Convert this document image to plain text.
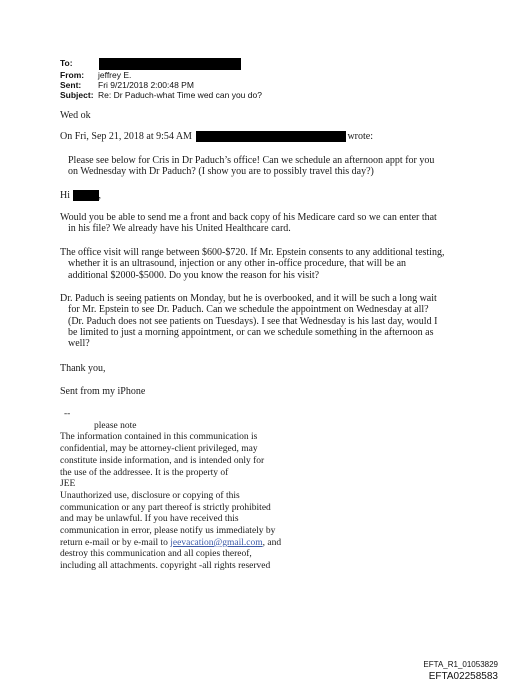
To:
From: jeffrey E.
Sent: Fri 9/21/2018 2:00:48 PM
Subject: Re: Dr Paduch-what Time wed can you do?
Wed ok
On Fri, Sep 21, 2018 at 9:54 AM	wrote:

Please see below for Cris in Dr Paduch’s office! Can we schedule an afternoon appt for you

on Wednesday with Dr Paduch? (I show you are to possibly travel this day?)

Hi	,

Would you be able to send me a front and back copy of his Medicare card so we can enter that

in his file? We already have his United Healthcare card.

The office visit will range between $600-$720. If Mr. Epstein consents to any additional testing,

whether it is an ultrasound, injection or any other in-office procedure, that will be an

additional $2000-$5000. Do you know the reason for his visit?

Dr. Paduch is seeing patients on Monday, but he is overbooked, and it will be such a long wait

for Mr. Epstein to see Dr. Paduch. Can we schedule the appointment on Wednesday at all?

(Dr. Paduch does not see patients on Tuesdays). I see that Wednesday is his last day, would I

be limited to just a morning appointment, or can we schedule something in the afternoon as

well?

Thank you,
Sent from my iPhone

--

please note

The information contained in this communication is

confidential, may be attorney-client privileged, may

constitute inside information, and is intended only for

the use of the addressee. It is the property of

JEE

Unauthorized use, disclosure or copying of this

communication or any part thereof is strictly prohibited

and may be unlawful. If you have received this

communication in error, please notify us immediately by

return e-mail or by e-mail to jeevacation@gmail.com, and

destroy this communication and all copies thereof,

including all attachments. copyright -all rights reserved

EFTA_R1_01053829
EFTA02258583
